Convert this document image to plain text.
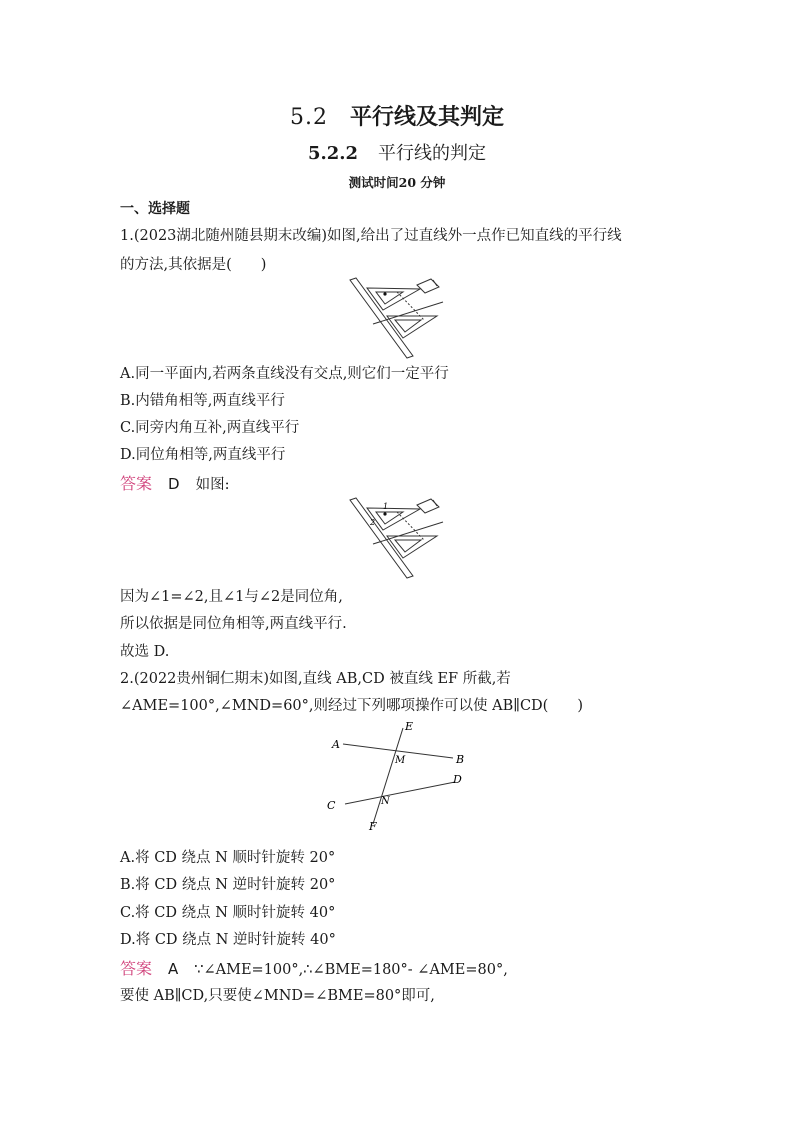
5.2 平行线及其判定
5.2.2 平行线的判定
测试时间20 分钟
一、选择题
1.(2023湖北随州随县期末改编)如图,给出了过直线外一点作已知直线的平行线
的方法,其依据是(　　)
A.同一平面内,若两条直线没有交点,则它们一定平行
B.内错角相等,两直线平行
C.同旁内角互补,两直线平行
D.同位角相等,两直线平行
答案 D 如图:
1
2
因为∠1=∠2,且∠1与∠2是同位角,
所以依据是同位角相等,两直线平行.
故选 D.
2.(2022贵州铜仁期末)如图,直线 AB,CD 被直线 EF 所截,若
∠AME=100°,∠MND=60°,则经过下列哪项操作可以使 AB∥CD(　　)
A
B
C
D
E
F
M
N
A.将 CD 绕点 N 顺时针旋转 20°
B.将 CD 绕点 N 逆时针旋转 20°
C.将 CD 绕点 N 顺时针旋转 40°
D.将 CD 绕点 N 逆时针旋转 40°
答案 A ∵∠AME=100°,∴∠BME=180°- ∠AME=80°,
要使 AB∥CD,只要使∠MND=∠BME=80°即可,
